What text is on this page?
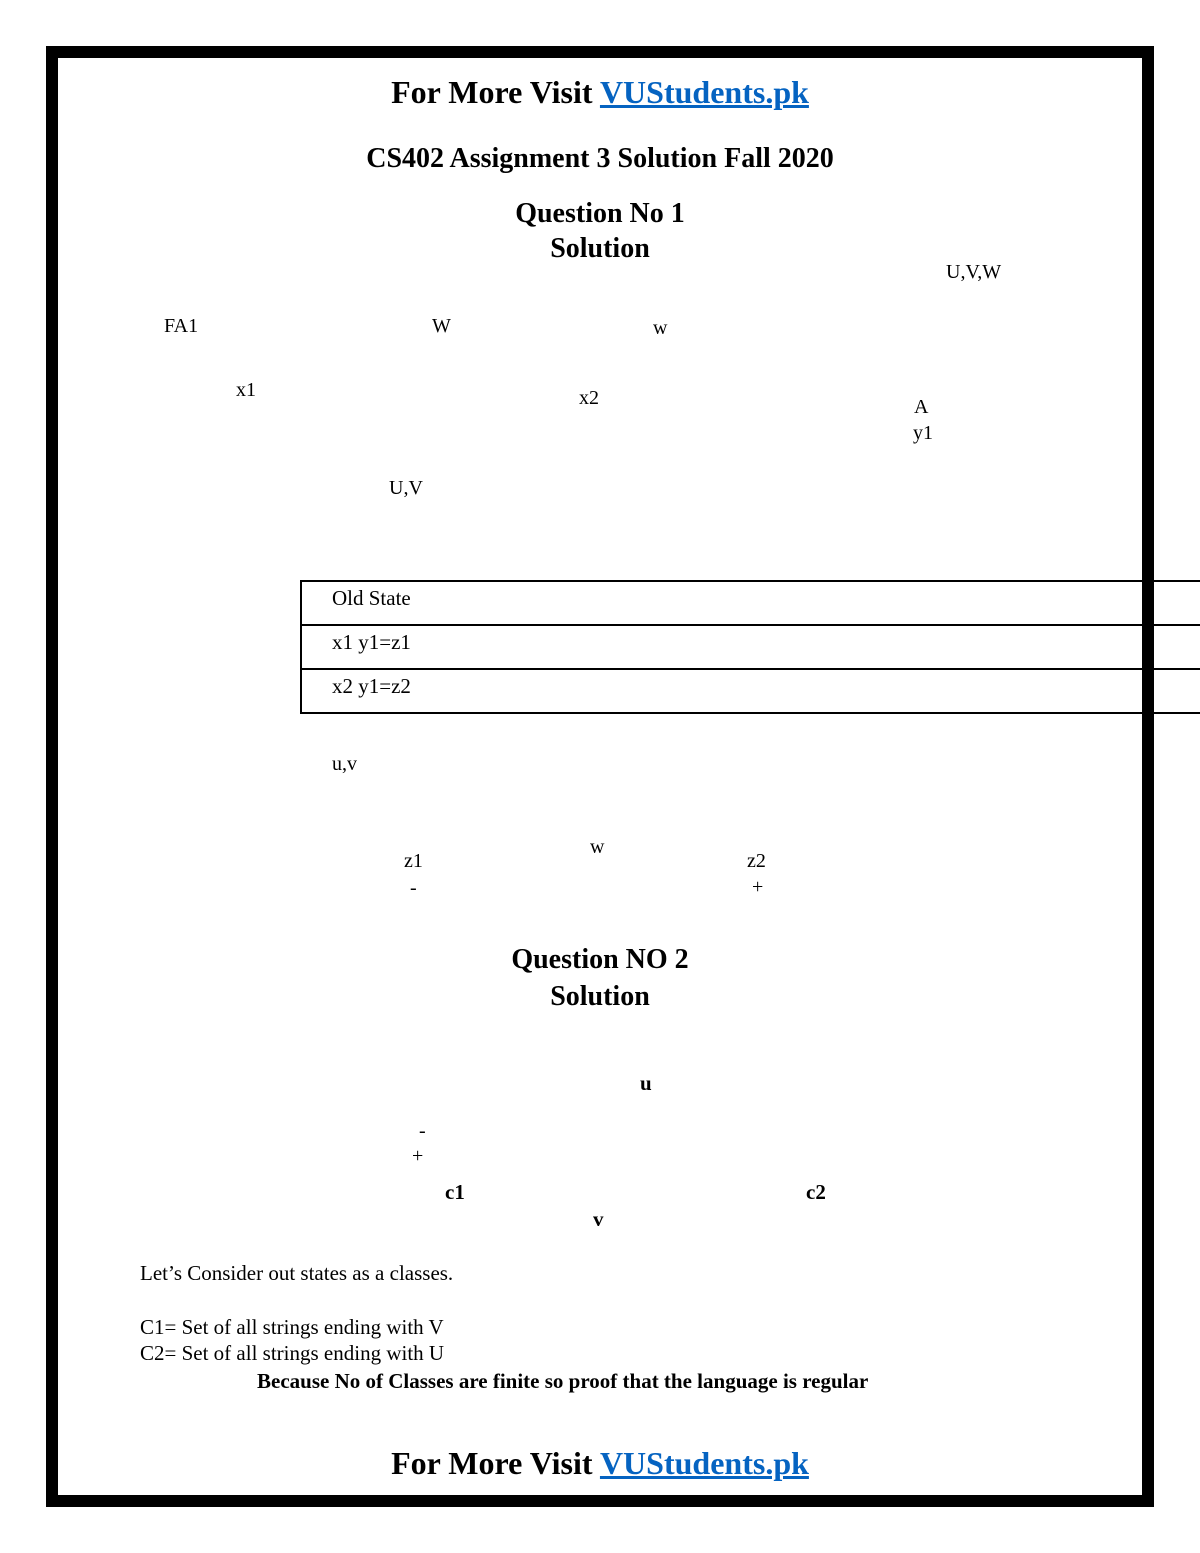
For More Visit VUStudents.pk
CS402 Assignment 3 Solution Fall 2020
Question No 1
Solution
U,V,W
FA1	W	w
x1	x2	A
y1
U,V
Old State
x1 y1=z1
x2 y1=z2
u,v
w
z1
-
z2
+
Question NO 2
Solution
u
-
+
c1	c2
v
Let’s Consider out states as a classes.
C1= Set of all strings ending with V
C2= Set of all strings ending with U
Because No of Classes are finite so proof that the language is regular
For More Visit VUStudents.pk
